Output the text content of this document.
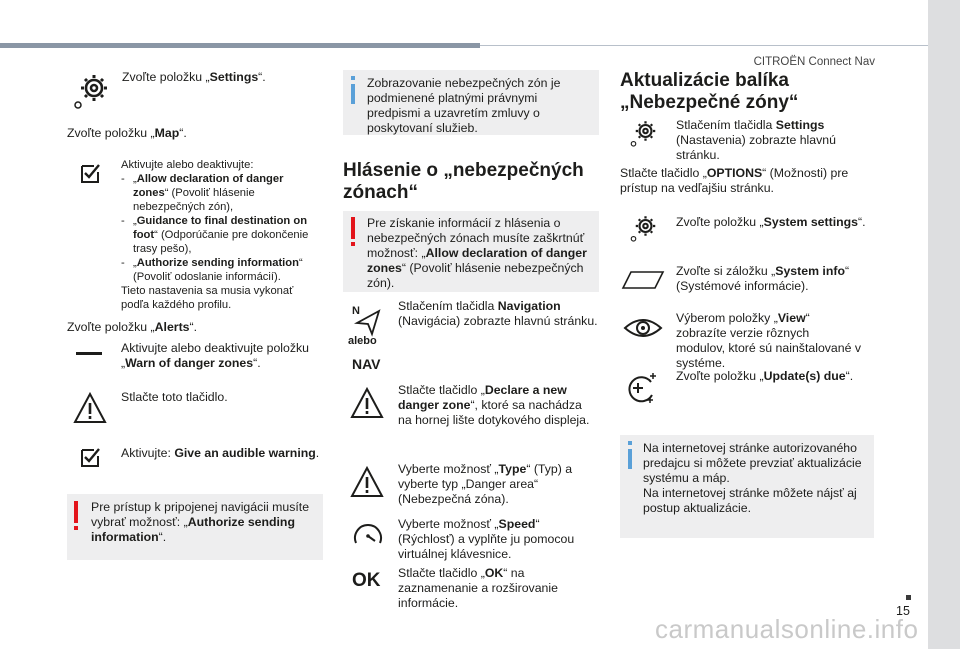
CITROËN Connect Nav
Zvoľte položku „Settings“.
Zvoľte položku „Map“.
Aktivujte alebo deaktivujte:
- „Allow declaration of danger zones“ (Povoliť hlásenie nebezpečných zón),
- „Guidance to final destination on foot“ (Odporúčanie pre dokončenie trasy pešo),
- „Authorize sending information“ (Povoliť odoslanie informácií).
Tieto nastavenia sa musia vykonať podľa každého profilu.
Zvoľte položku „Alerts“.
Aktivujte alebo deaktivujte položku „Warn of danger zones“.
Stlačte toto tlačidlo.
Aktivujte: Give an audible warning.
Pre prístup k pripojenej navigácii musíte vybrať možnosť: „Authorize sending information“.
Zobrazovanie nebezpečných zón je podmienené platnými právnymi predpismi a uzavretím zmluvy o poskytovaní služieb.
Hlásenie o „nebezpečných zónach“
Pre získanie informácií z hlásenia o nebezpečných zónach musíte zaškrtnúť možnosť: „Allow declaration of danger zones“ (Povoliť hlásenie nebezpečných zón).
N
alebo
NAV
Stlačením tlačidla Navigation (Navigácia) zobrazte hlavnú stránku.
Stlačte tlačidlo „Declare a new danger zone“, ktoré sa nachádza na hornej lište dotykového displeja.
Vyberte možnosť „Type“ (Typ) a vyberte typ „Danger area“ (Nebezpečná zóna).
Vyberte možnosť „Speed“ (Rýchlosť) a vyplňte ju pomocou virtuálnej klávesnice.
OK Stlačte tlačidlo „OK“ na zaznamenanie a rozširovanie informácie.
Aktualizácie balíka „Nebezpečné zóny“
Stlačením tlačidla Settings (Nastavenia) zobrazte hlavnú stránku.
Stlačte tlačidlo „OPTIONS“ (Možnosti) pre prístup na vedľajšiu stránku.
Zvoľte položku „System settings“.
Zvoľte si záložku „System info“ (Systémové informácie).
Výberom položky „View“ zobrazíte verzie rôznych modulov, ktoré sú nainštalované v systéme.
Zvoľte položku „Update(s) due“.
Na internetovej stránke autorizovaného predajcu si môžete prevziať aktualizácie systému a máp.
Na internetovej stránke môžete nájsť aj postup aktualizácie.
15
carmanualsonline.info
